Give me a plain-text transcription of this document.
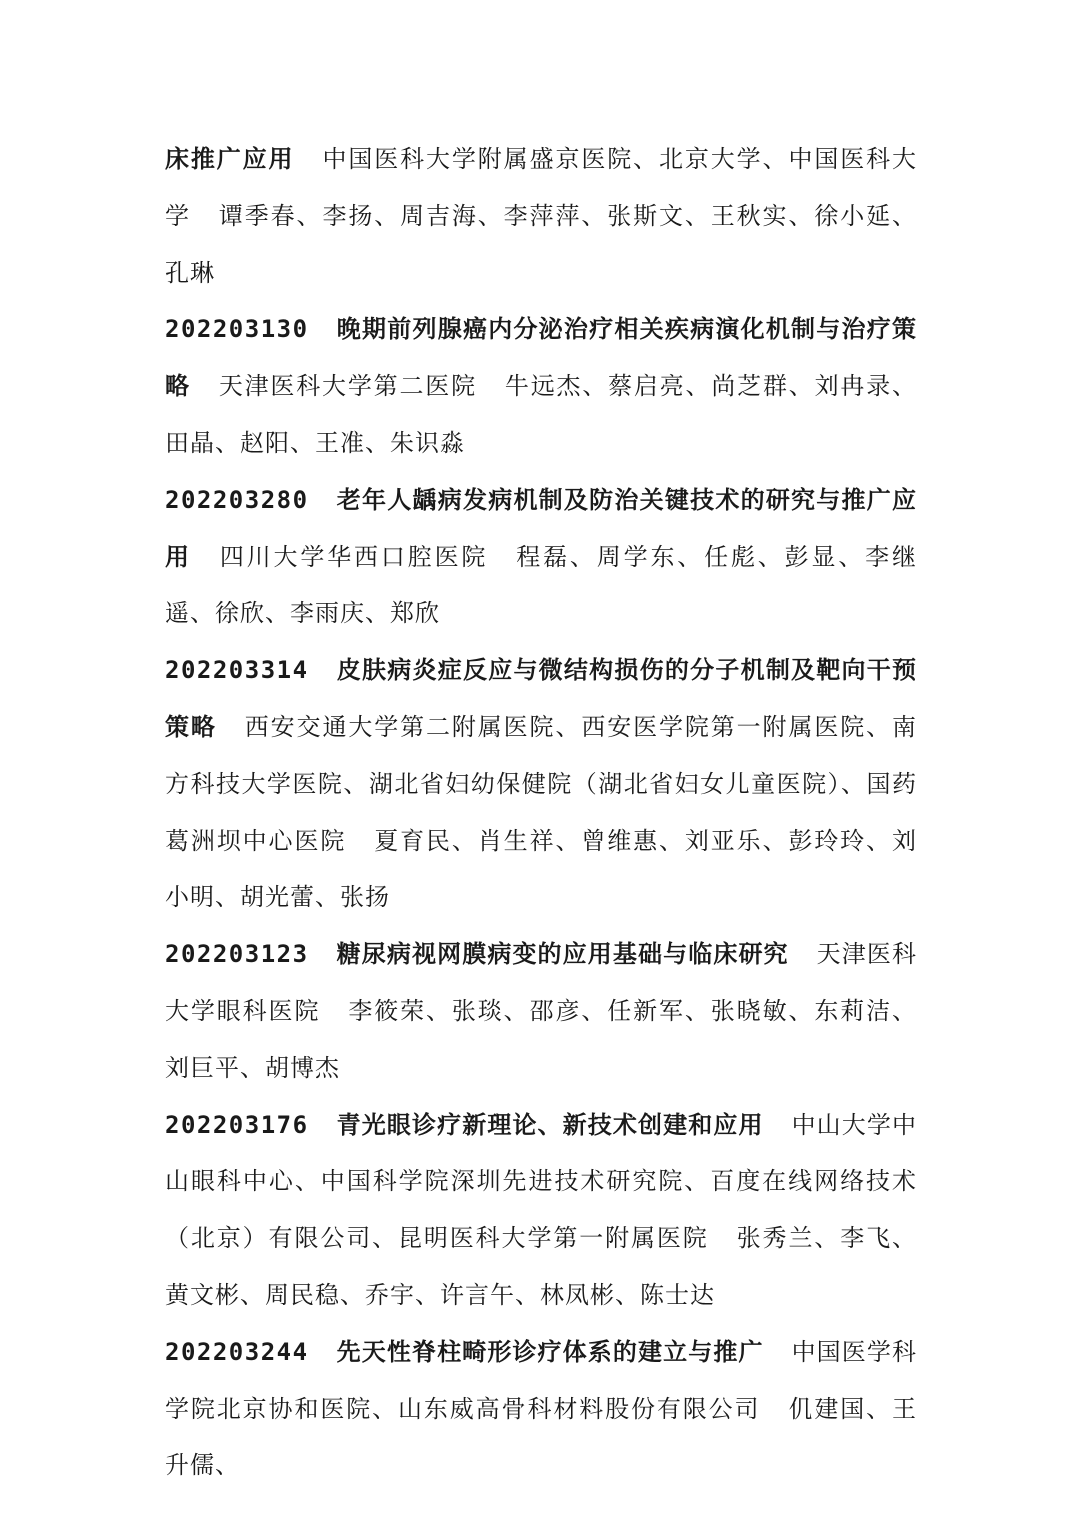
床推广应用 中国医科大学附属盛京医院、北京大学、中国医科大学 谭季春、李扬、周吉海、李萍萍、张斯文、王秋实、徐小延、孔琳

202203130 晚期前列腺癌内分泌治疗相关疾病演化机制与治疗策略 天津医科大学第二医院 牛远杰、蔡启亮、尚芝群、刘冉录、田晶、赵阳、王准、朱识淼

202203280 老年人龋病发病机制及防治关键技术的研究与推广应用 四川大学华西口腔医院 程磊、周学东、任彪、彭显、李继遥、徐欣、李雨庆、郑欣

202203314 皮肤病炎症反应与微结构损伤的分子机制及靶向干预策略 西安交通大学第二附属医院、西安医学院第一附属医院、南方科技大学医院、湖北省妇幼保健院（湖北省妇女儿童医院）、国药葛洲坝中心医院 夏育民、肖生祥、曾维惠、刘亚乐、彭玲玲、刘小明、胡光蕾、张扬

202203123 糖尿病视网膜病变的应用基础与临床研究 天津医科大学眼科医院 李筱荣、张琰、邵彦、任新军、张晓敏、东莉洁、刘巨平、胡博杰

202203176 青光眼诊疗新理论、新技术创建和应用 中山大学中山眼科中心、中国科学院深圳先进技术研究院、百度在线网络技术（北京）有限公司、昆明医科大学第一附属医院 张秀兰、李飞、黄文彬、周民稳、乔宇、许言午、林凤彬、陈士达

202203244 先天性脊柱畸形诊疗体系的建立与推广 中国医学科学院北京协和医院、山东威高骨科材料股份有限公司 仉建国、王升儒、
